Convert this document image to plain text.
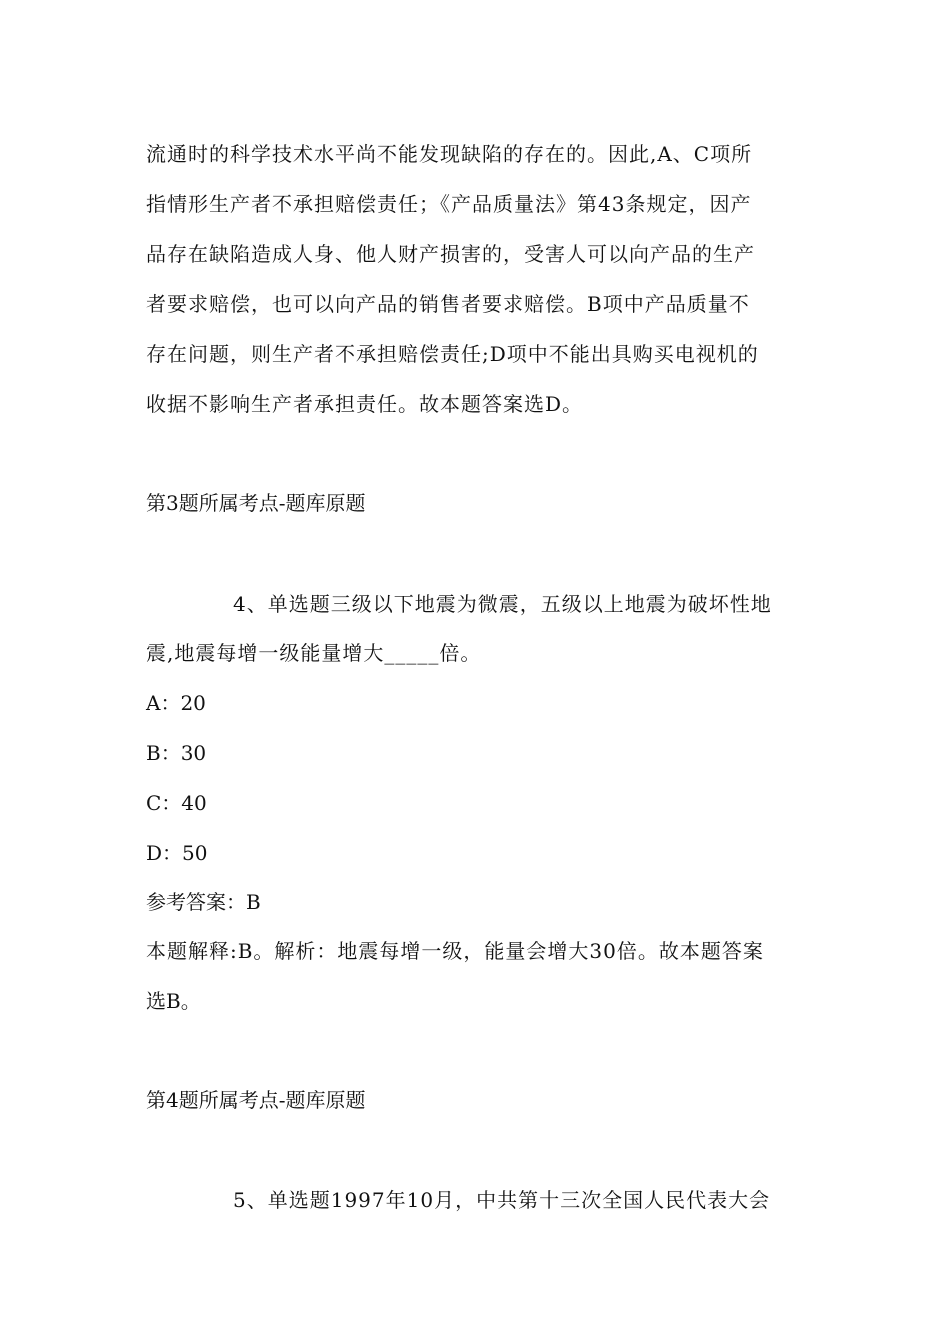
流通时的科学技术水平尚不能发现缺陷的存在的。因此,A、C项所
指情形生产者不承担赔偿责任；《产品质量法》第43条规定，因产
品存在缺陷造成人身、他人财产损害的，受害人可以向产品的生产
者要求赔偿，也可以向产品的销售者要求赔偿。B项中产品质量不
存在问题，则生产者不承担赔偿责任;D项中不能出具购买电视机的
收据不影响生产者承担责任。故本题答案选D。
第3题所属考点-题库原题
4、单选题三级以下地震为微震，五级以上地震为破坏性地
震,地震每增一级能量增大_____倍。
A：20
B：30
C：40
D：50
参考答案：B
本题解释:B。解析：地震每增一级，能量会增大30倍。故本题答案
选B。
第4题所属考点-题库原题
5、单选题1997年10月，中共第十三次全国人民代表大会
